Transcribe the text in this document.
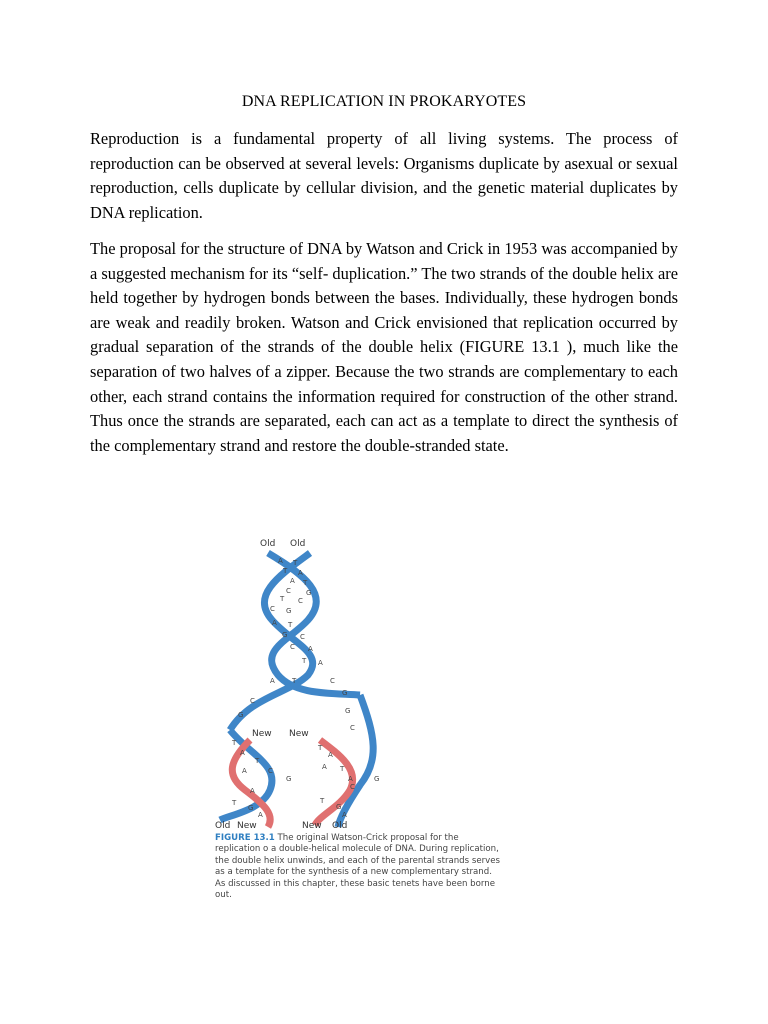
DNA REPLICATION IN PROKARYOTES

Reproduction is a fundamental property of all living systems. The process of reproduction can be observed at several levels: Organisms duplicate by asexual or sexual reproduction, cells duplicate by cellular division, and the genetic material duplicates by DNA replication.

The proposal for the structure of DNA by Watson and Crick in 1953 was accompanied by a suggested mechanism for its “self- duplication.” The two strands of the double helix are held together by hydrogen bonds between the bases. Individually, these hydrogen bonds are weak and readily broken. Watson and Crick envisioned that replication occurred by gradual separation of the strands of the double helix (FIGURE 13.1 ), much like the separation of two halves of a zipper. Because the two strands are complementary to each other, each strand contains the information required for construction of the other strand. Thus once the strands are separated, each can act as a template to direct the synthesis of the complementary strand and restore the double-stranded state.

A T
T A
A T
C G
T C
C G
A T
G C
C A
T A
A T	C
G
C
G
G
C
T
A
T
A	C
G
A
T
G
A
T
A
A T
A	G
C
T
G
A
Old Old
New New
Old New	New Old
FIGURE 13.1 The original Watson-Crick proposal for the replication o a double-helical molecule of DNA. During replication, the double helix unwinds, and each of the parental strands serves as a template for the synthesis of a new complementary strand. As discussed in this chapter, these basic tenets have been borne out.
